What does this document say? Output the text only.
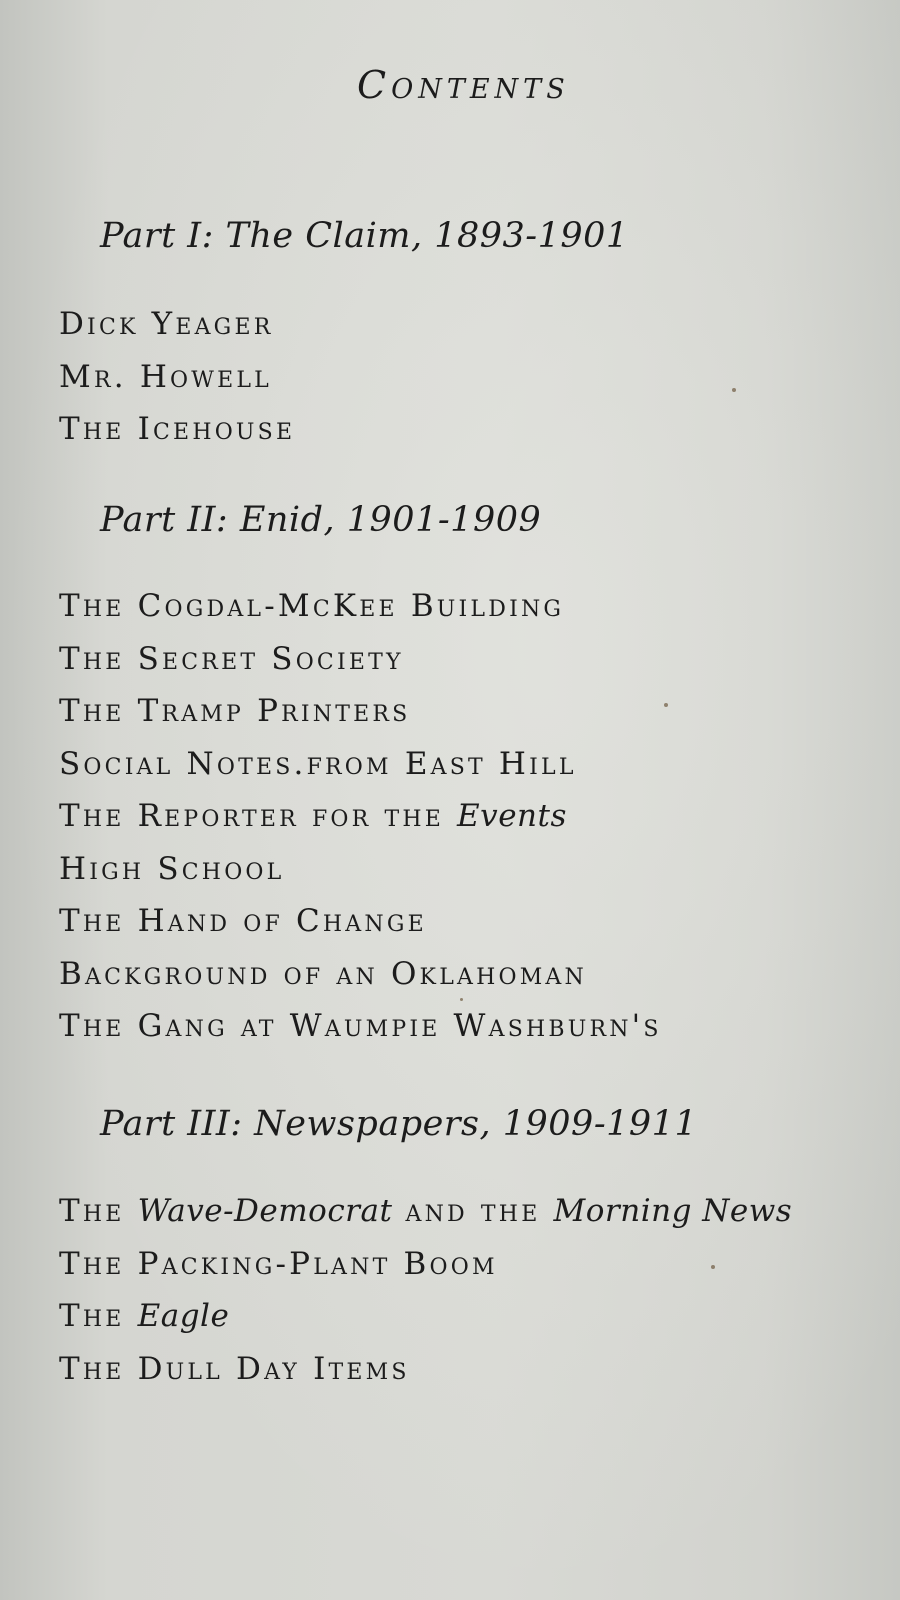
Contents
Part I: The Claim, 1893-1901
Dick Yeager
Mr. Howell
The Icehouse
Part II: Enid, 1901-1909
The Cogdal-McKee Building
The Secret Society
The Tramp Printers
Social Notes.from East Hill
The Reporter for the Events
High School
The Hand of Change
Background of an Oklahoman
The Gang at Waumpie Washburn's
Part III: Newspapers, 1909-1911
The Wave-Democrat and the Morning News
The Packing-Plant Boom
The Eagle
The Dull Day Items
